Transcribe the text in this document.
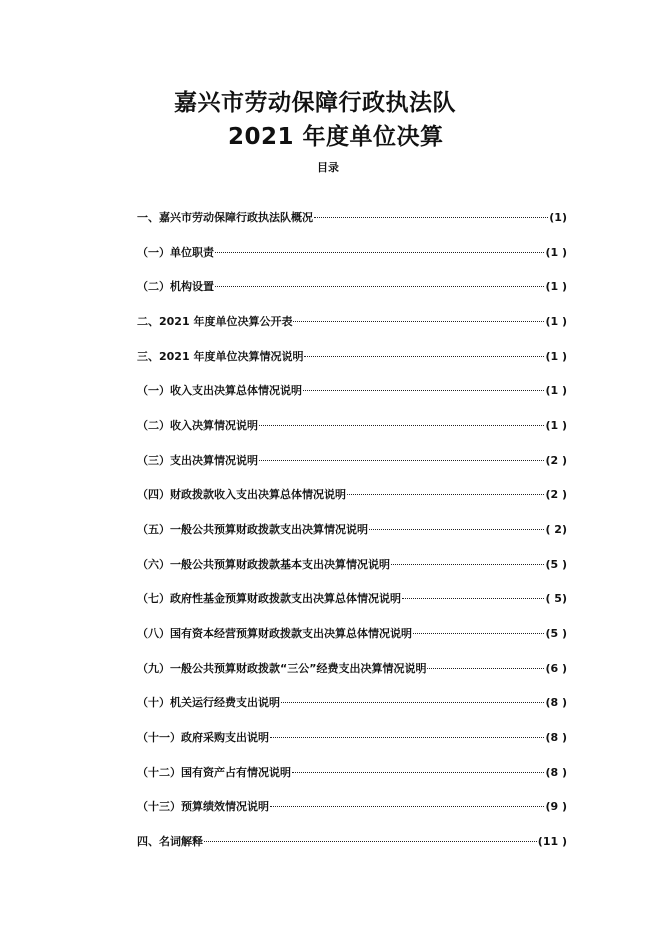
嘉兴市劳动保障行政执法队
2021 年度单位决算
目录
一、嘉兴市劳动保障行政执法队概况	(1)
（一）单位职责	(1 )
（二）机构设置	(1 )
二、2021 年度单位决算公开表	(1 )
三、2021 年度单位决算情况说明	(1 )
（一）收入支出决算总体情况说明	(1 )
（二）收入决算情况说明	(1 )
（三）支出决算情况说明	(2 )
（四）财政拨款收入支出决算总体情况说明	(2 )
（五）一般公共预算财政拨款支出决算情况说明	( 2)
（六）一般公共预算财政拨款基本支出决算情况说明	(5 )
（七）政府性基金预算财政拨款支出决算总体情况说明	( 5)
（八）国有资本经营预算财政拨款支出决算总体情况说明	(5 )
（九）一般公共预算财政拨款“三公”经费支出决算情况说明	(6 )
（十）机关运行经费支出说明	(8 )
（十一）政府采购支出说明	(8 )
（十二）国有资产占有情况说明	(8 )
（十三）预算绩效情况说明	(9 )
四、名词解释	(11 )
